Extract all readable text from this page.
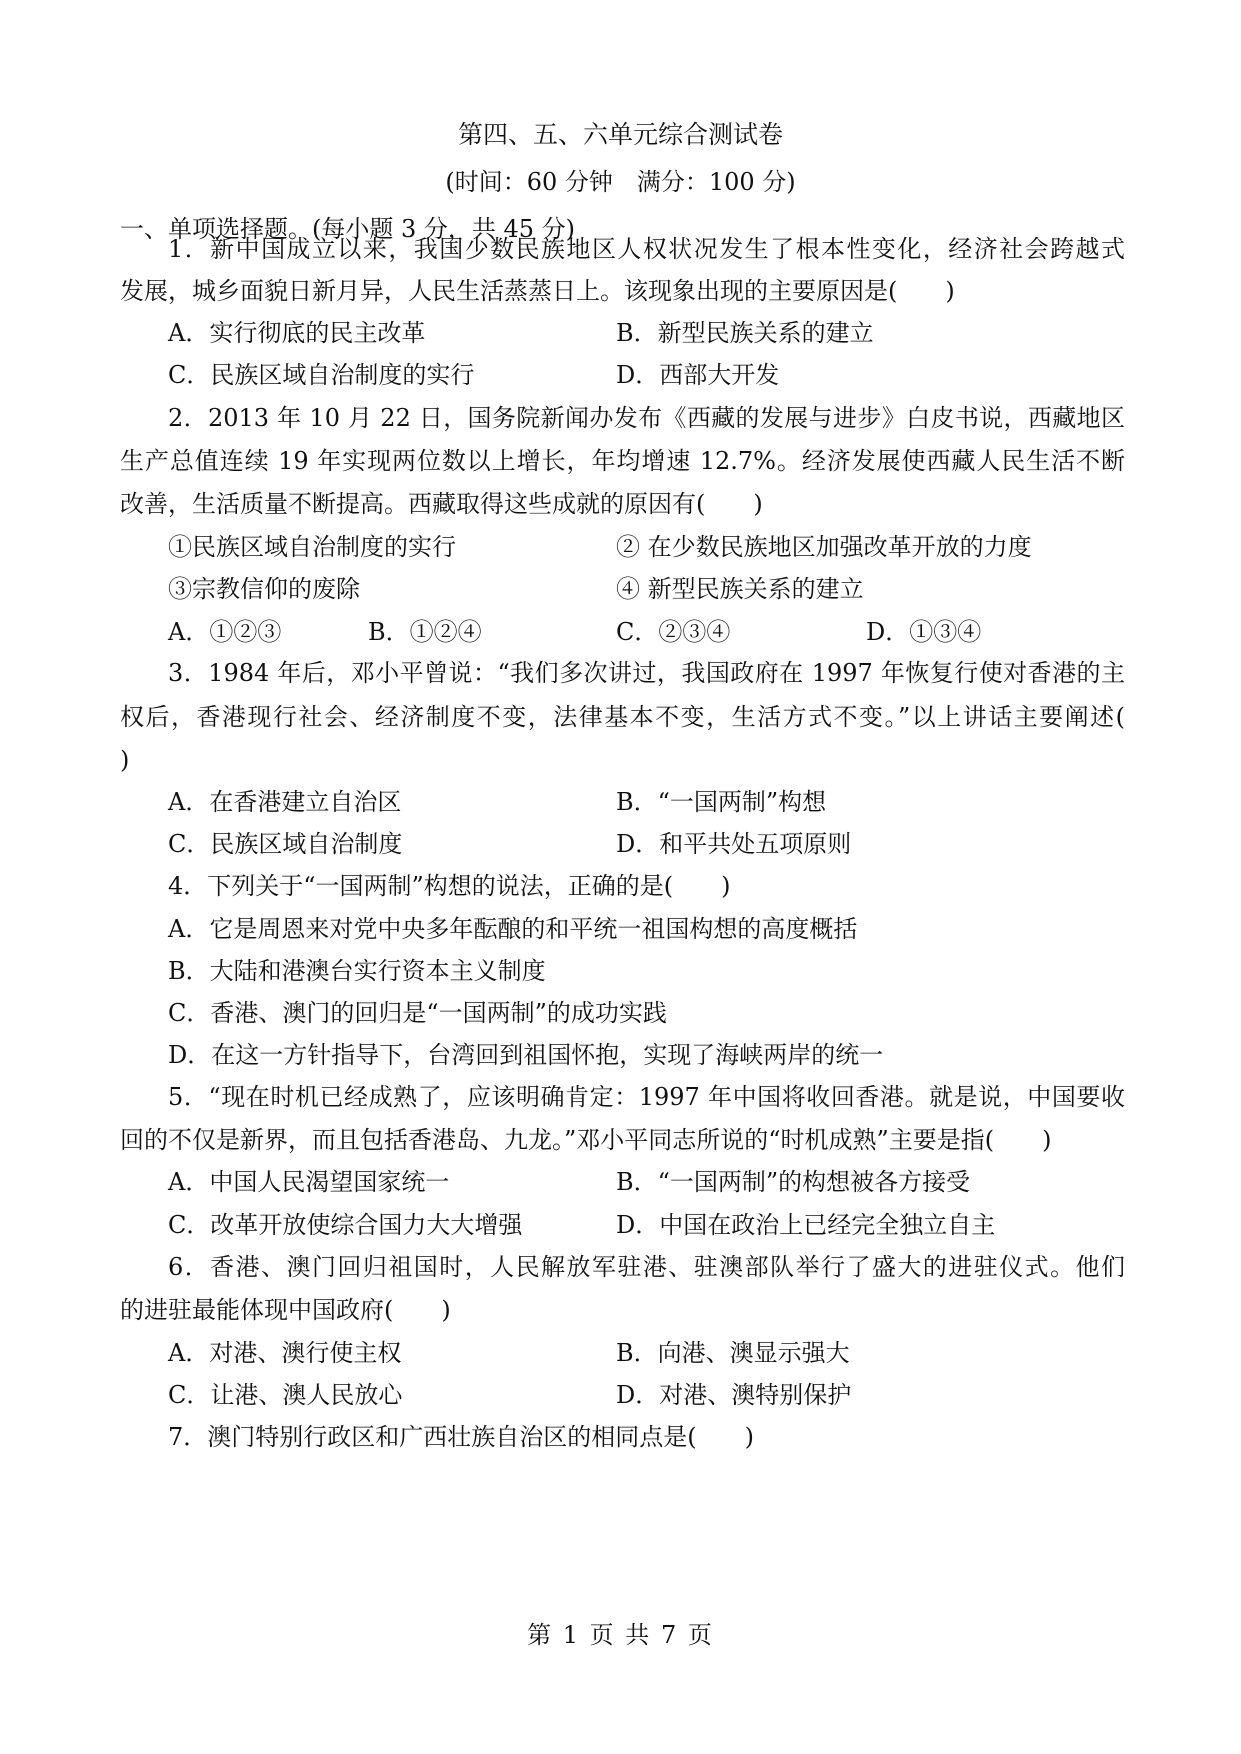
第四、五、六单元综合测试卷
(时间：60 分钟　满分：100 分)
一、单项选择题。(每小题 3 分，共 45 分)
1．新中国成立以来，我国少数民族地区人权状况发生了根本性变化，经济社会跨越式
发展，城乡面貌日新月异，人民生活蒸蒸日上。该现象出现的主要原因是(　　)
A．实行彻底的民主改革	B．新型民族关系的建立
C．民族区域自治制度的实行	D．西部大开发
2．2013 年 10 月 22 日，国务院新闻办发布《西藏的发展与进步》白皮书说，西藏地区
生产总值连续 19 年实现两位数以上增长，年均增速 12.7%。经济发展使西藏人民生活不断
改善，生活质量不断提高。西藏取得这些成就的原因有(　　)
①民族区域自治制度的实行	② 在少数民族地区加强改革开放的力度
③宗教信仰的废除	④ 新型民族关系的建立
A．①②③	B．①②④	C．②③④	D．①③④
3．1984 年后，邓小平曾说：“我们多次讲过，我国政府在 1997 年恢复行使对香港的主
权后，香港现行社会、经济制度不变，法律基本不变，生活方式不变。”以上讲话主要阐述(
)
A．在香港建立自治区	B．“一国两制”构想
C．民族区域自治制度	D．和平共处五项原则
4．下列关于“一国两制”构想的说法，正确的是(　　)
A．它是周恩来对党中央多年酝酿的和平统一祖国构想的高度概括
B．大陆和港澳台实行资本主义制度
C．香港、澳门的回归是“一国两制”的成功实践
D．在这一方针指导下，台湾回到祖国怀抱，实现了海峡两岸的统一
5．“现在时机已经成熟了，应该明确肯定：1997 年中国将收回香港。就是说，中国要收
回的不仅是新界，而且包括香港岛、九龙。”邓小平同志所说的“时机成熟”主要是指(　　)
A．中国人民渴望国家统一	B．“一国两制”的构想被各方接受
C．改革开放使综合国力大大增强	D．中国在政治上已经完全独立自主
6．香港、澳门回归祖国时，人民解放军驻港、驻澳部队举行了盛大的进驻仪式。他们
的进驻最能体现中国政府(　　)
A．对港、澳行使主权	B．向港、澳显示强大
C．让港、澳人民放心	D．对港、澳特别保护
7．澳门特别行政区和广西壮族自治区的相同点是(　　)
第 1 页 共 7 页
